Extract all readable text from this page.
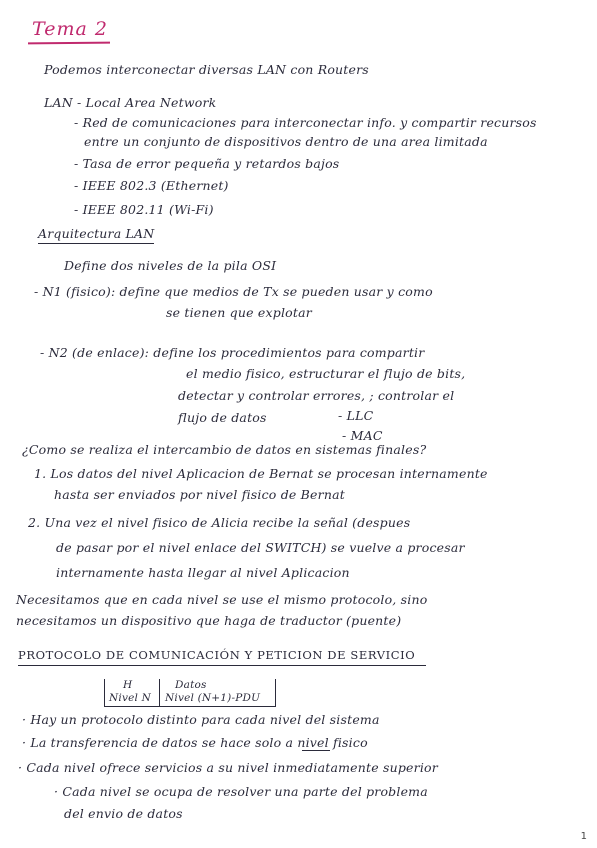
Tema 2
Podemos interconectar diversas LAN con Routers
LAN - Local Area Network
- Red de comunicaciones para interconectar info. y compartir recursos
entre un conjunto de dispositivos dentro de una area limitada
- Tasa de error pequeña y retardos bajos
- IEEE 802.3 (Ethernet)
- IEEE 802.11 (Wi-Fi)
Arquitectura LAN
Define dos niveles de la pila OSI
- N1 (fisico): define que medios de Tx se pueden usar y como
se tienen que explotar
- N2 (de enlace): define los procedimientos para compartir
el medio fisico, estructurar el flujo de bits,
detectar y controlar errores, ; controlar el
flujo de datos	- LLC
- MAC
¿Como se realiza el intercambio de datos en sistemas finales?
1. Los datos del nivel Aplicacion de Bernat se procesan internamente
hasta ser enviados por nivel fisico de Bernat
2. Una vez el nivel fisico de Alicia recibe la señal (despues
de pasar por el nivel enlace del SWITCH) se vuelve a procesar
internamente hasta llegar al nivel Aplicacion
Necesitamos que en cada nivel se use el mismo protocolo, sino
necesitamos un dispositivo que haga de traductor (puente)
PROTOCOLO DE COMUNICACIÓN Y PETICION DE SERVICIO
H
Nivel N
Datos
Nivel (N+1)-PDU
· Hay un protocolo distinto para cada nivel del sistema
· La transferencia de datos se hace solo a nivel fisico
· Cada nivel ofrece servicios a su nivel inmediatamente superior
· Cada nivel se ocupa de resolver una parte del problema
del envio de datos
1
